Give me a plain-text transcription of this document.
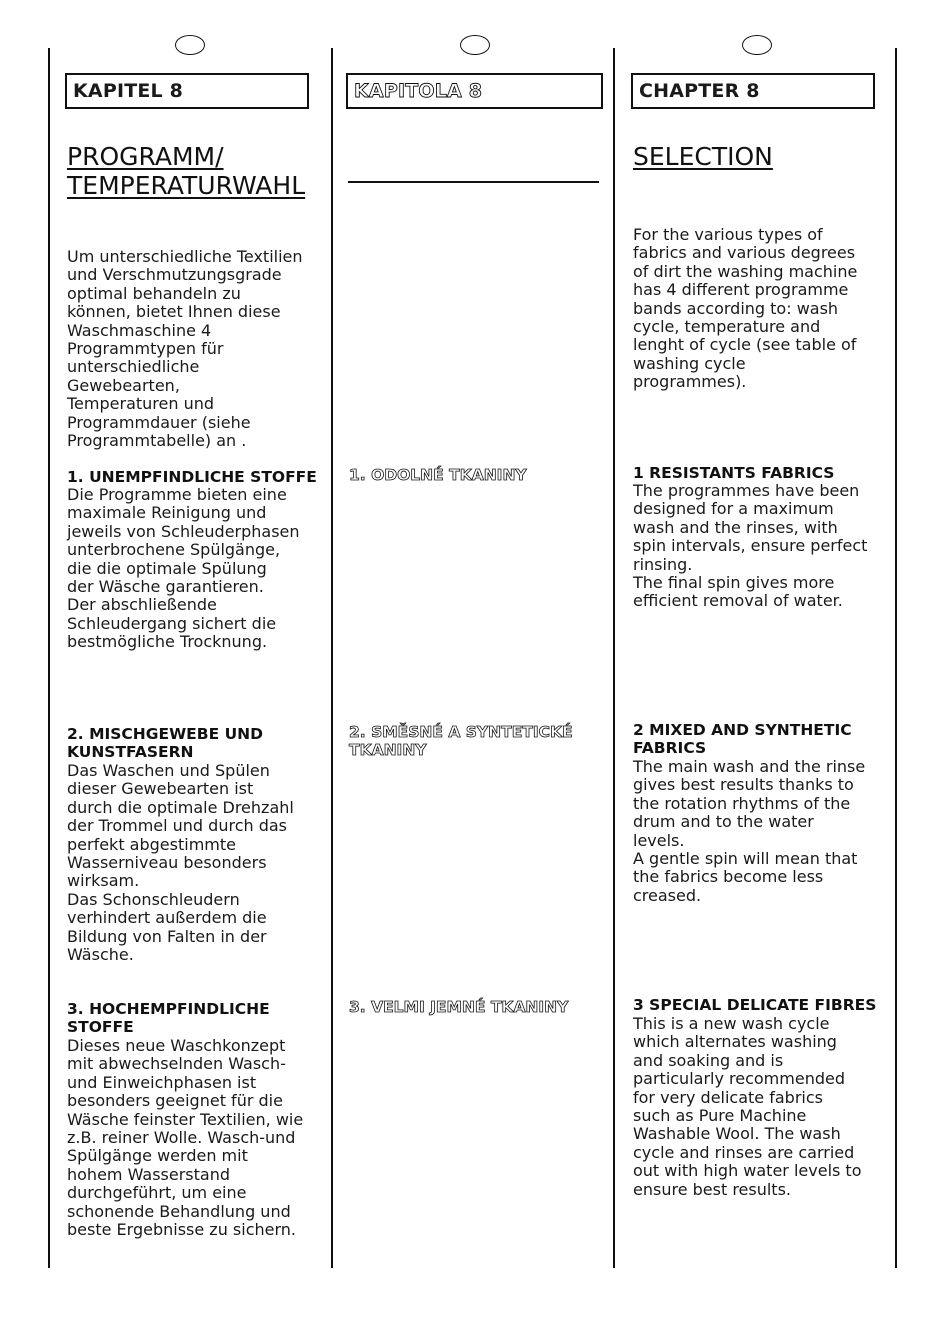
KAPITEL 8
PROGRAMM/
TEMPERATURWAHL

Um unterschiedliche Textilien
und Verschmutzungsgrade
optimal behandeln zu
können, bietet Ihnen diese
Waschmaschine 4
Programmtypen für
unterschiedliche
Gewebearten,
Temperaturen und
Programmdauer (siehe
Programmtabelle) an .

1. UNEMPFINDLICHE STOFFE

Die Programme bieten eine
maximale Reinigung und
jeweils von Schleuderphasen
unterbrochene Spülgänge,
die die optimale Spülung
der Wäsche garantieren.
Der abschließende
Schleudergang sichert die
bestmögliche Trocknung.

2. MISCHGEWEBE UND
KUNSTFASERN

Das Waschen und Spülen
dieser Gewebearten ist
durch die optimale Drehzahl
der Trommel und durch das
perfekt abgestimmte
Wasserniveau besonders
wirksam.
Das Schonschleudern
verhindert außerdem die
Bildung von Falten in der
Wäsche.

3. HOCHEMPFINDLICHE
STOFFE

Dieses neue Waschkonzept
mit abwechselnden Wasch-
und Einweichphasen ist
besonders geeignet für die
Wäsche feinster Textilien, wie
z.B. reiner Wolle. Wasch-und
Spülgänge werden mit
hohem Wasserstand
durchgeführt, um eine
schonende Behandlung und
beste Ergebnisse zu sichern.

KAPITOLA 8

1. ODOLNÉ TKANINY

2. SMĚSNÉ A SYNTETICKÉ
TKANINY

3. VELMI JEMNÉ TKANINY

CHAPTER 8
SELECTION

For the various types of
fabrics and various degrees
of dirt the washing machine
has 4 different programme
bands according to: wash
cycle, temperature and
lenght of cycle (see table of
washing cycle
programmes).

1 RESISTANTS FABRICS

The programmes have been
designed for a maximum
wash and the rinses, with
spin intervals, ensure perfect
rinsing.
The final spin gives more
efficient removal of water.

2 MIXED AND SYNTHETIC
FABRICS

The main wash and the rinse
gives best results thanks to
the rotation rhythms of the
drum and to the water
levels.
A gentle spin will mean that
the fabrics become less
creased.

3 SPECIAL DELICATE FIBRES

This is a new wash cycle
which alternates washing
and soaking and is
particularly recommended
for very delicate fabrics
such as Pure Machine
Washable Wool. The wash
cycle and rinses are carried
out with high water levels to
ensure best results.
